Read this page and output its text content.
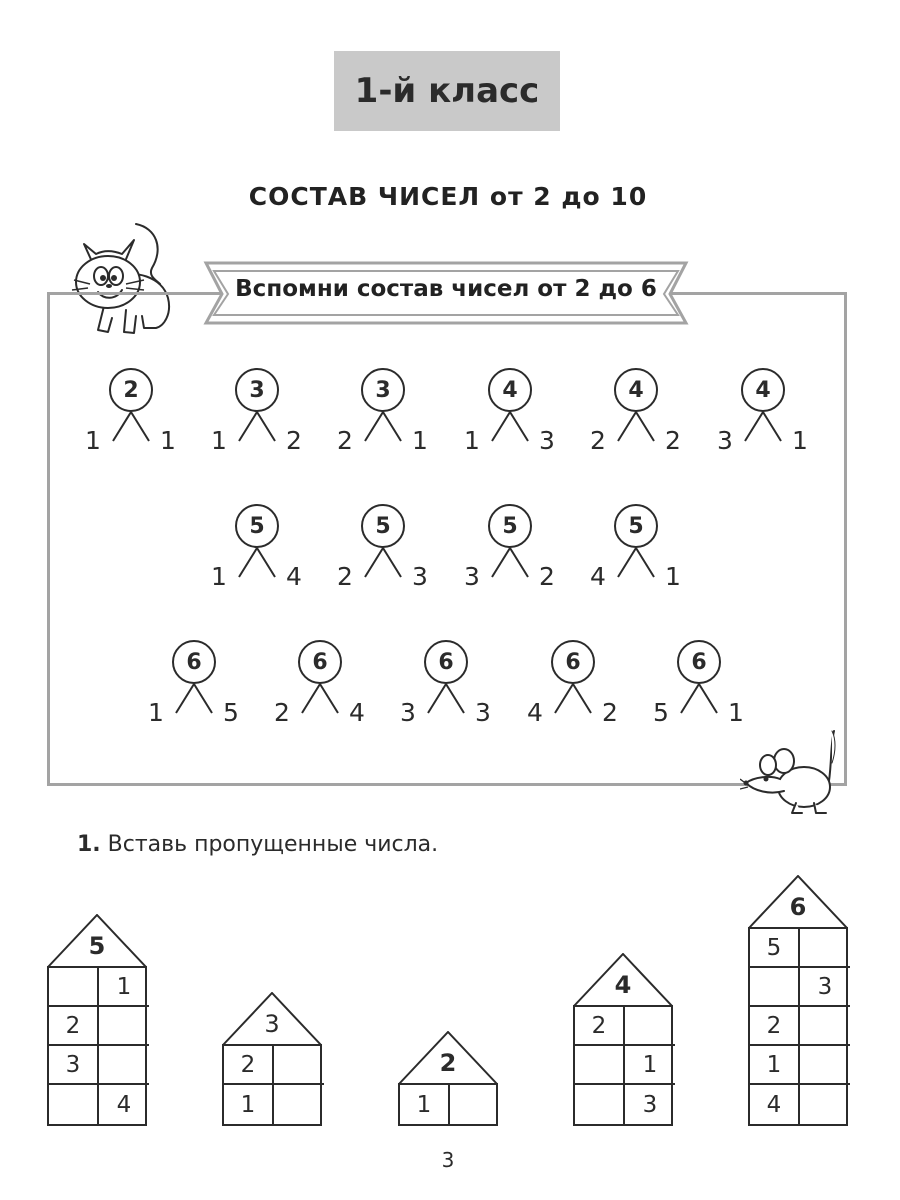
1-й класс
СОСТАВ ЧИСЕЛ от 2 до 10
Вспомни состав чисел от 2 до 6
2
1 1
3
1 2
3
2 1
4
1 3
4
2 2
4
3 1
5
1 4
5
2 3
5
3 2
5
4 1
6
1 5
6
2 4
6
3 3
6
4 2
6
5 1
1. Вставь пропущенные числа.
5
1
2
3
4
3
2
1
2
1
4
2
1
3
6
5
3
2
1
4
3
